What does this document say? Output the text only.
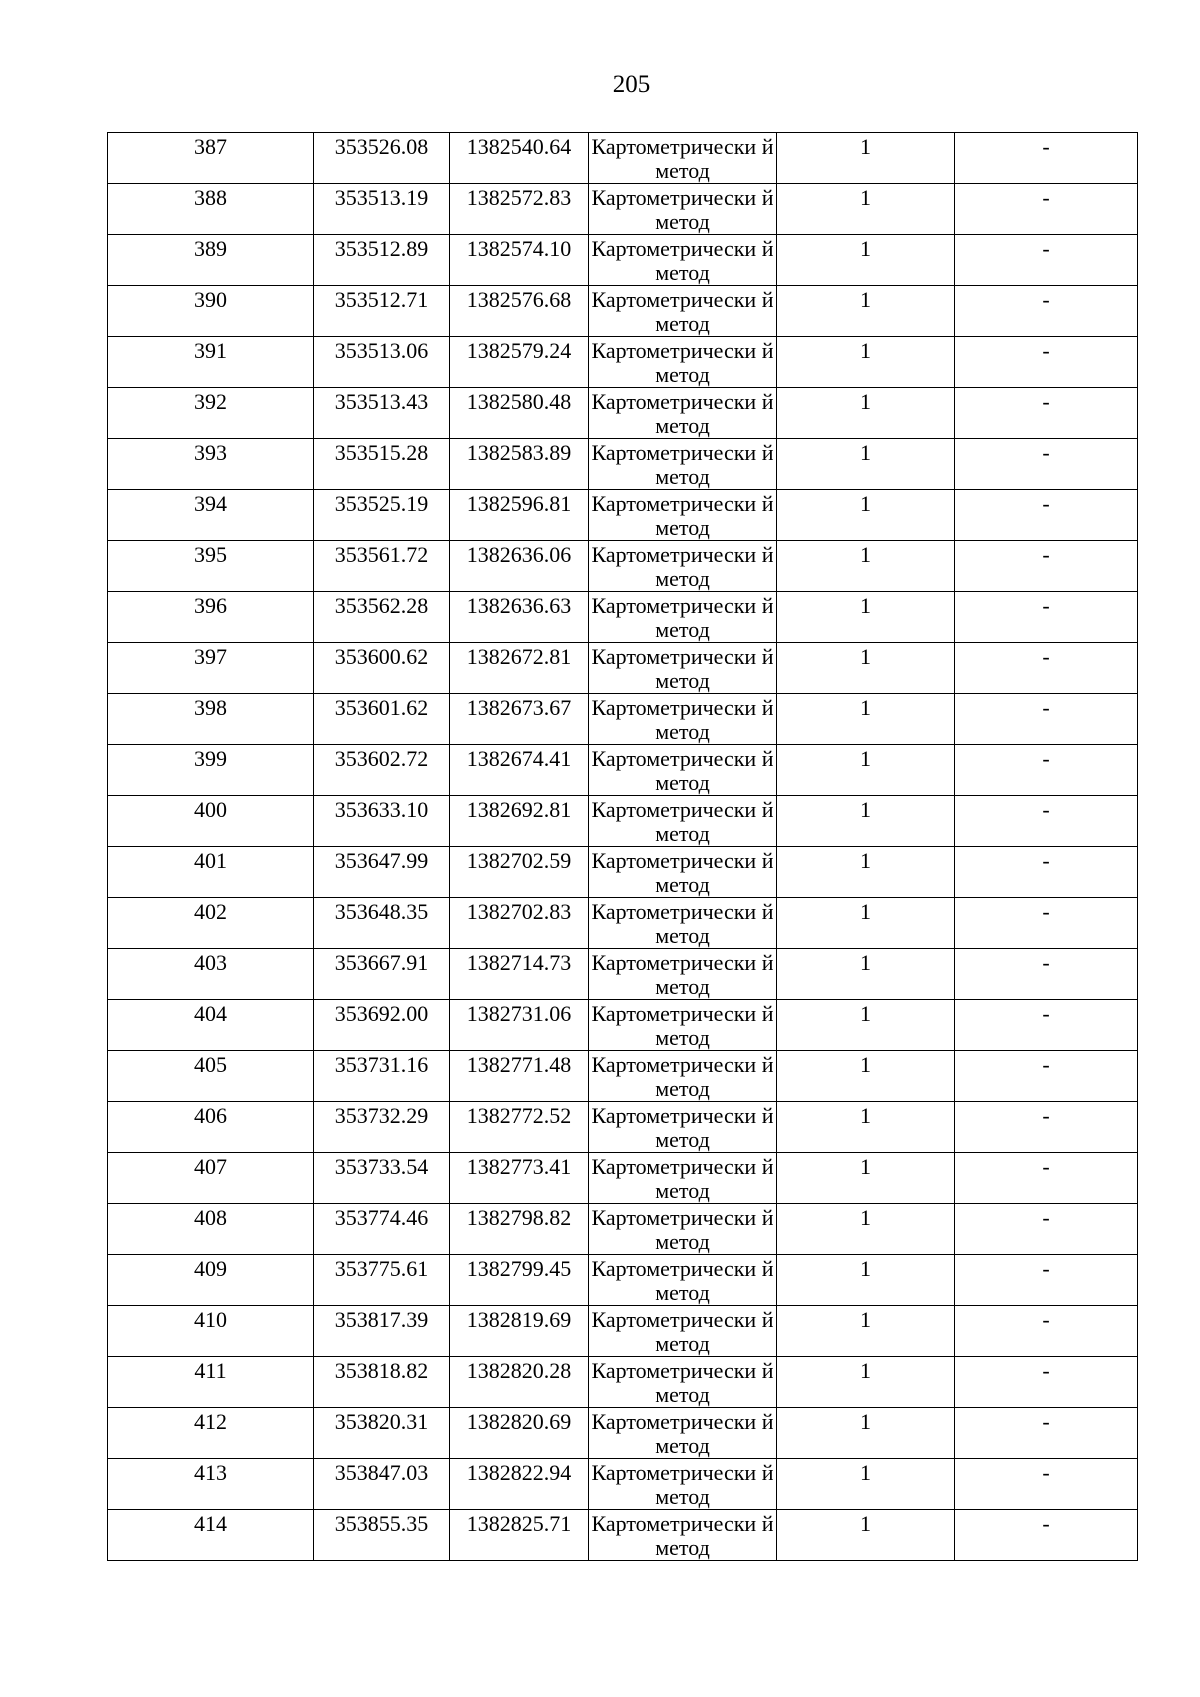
205
387	353526.08	1382540.64	Картометрически й метод	1	-

388	353513.19	1382572.83	Картометрически й метод	1	-

389	353512.89	1382574.10	Картометрически й метод	1	-

390	353512.71	1382576.68	Картометрически й метод	1	-

391	353513.06	1382579.24	Картометрически й метод	1	-

392	353513.43	1382580.48	Картометрически й метод	1	-

393	353515.28	1382583.89	Картометрически й метод	1	-

394	353525.19	1382596.81	Картометрически й метод	1	-

395	353561.72	1382636.06	Картометрически й метод	1	-

396	353562.28	1382636.63	Картометрически й метод	1	-

397	353600.62	1382672.81	Картометрически й метод	1	-

398	353601.62	1382673.67	Картометрически й метод	1	-

399	353602.72	1382674.41	Картометрически й метод	1	-

400	353633.10	1382692.81	Картометрически й метод	1	-

401	353647.99	1382702.59	Картометрически й метод	1	-

402	353648.35	1382702.83	Картометрически й метод	1	-

403	353667.91	1382714.73	Картометрически й метод	1	-

404	353692.00	1382731.06	Картометрически й метод	1	-

405	353731.16	1382771.48	Картометрически й метод	1	-

406	353732.29	1382772.52	Картометрически й метод	1	-

407	353733.54	1382773.41	Картометрически й метод	1	-

408	353774.46	1382798.82	Картометрически й метод	1	-

409	353775.61	1382799.45	Картометрически й метод	1	-

410	353817.39	1382819.69	Картометрически й метод	1	-

411	353818.82	1382820.28	Картометрически й метод	1	-

412	353820.31	1382820.69	Картометрически й метод	1	-

413	353847.03	1382822.94	Картометрически й метод	1	-

414	353855.35	1382825.71	Картометрически й метод	1	-
